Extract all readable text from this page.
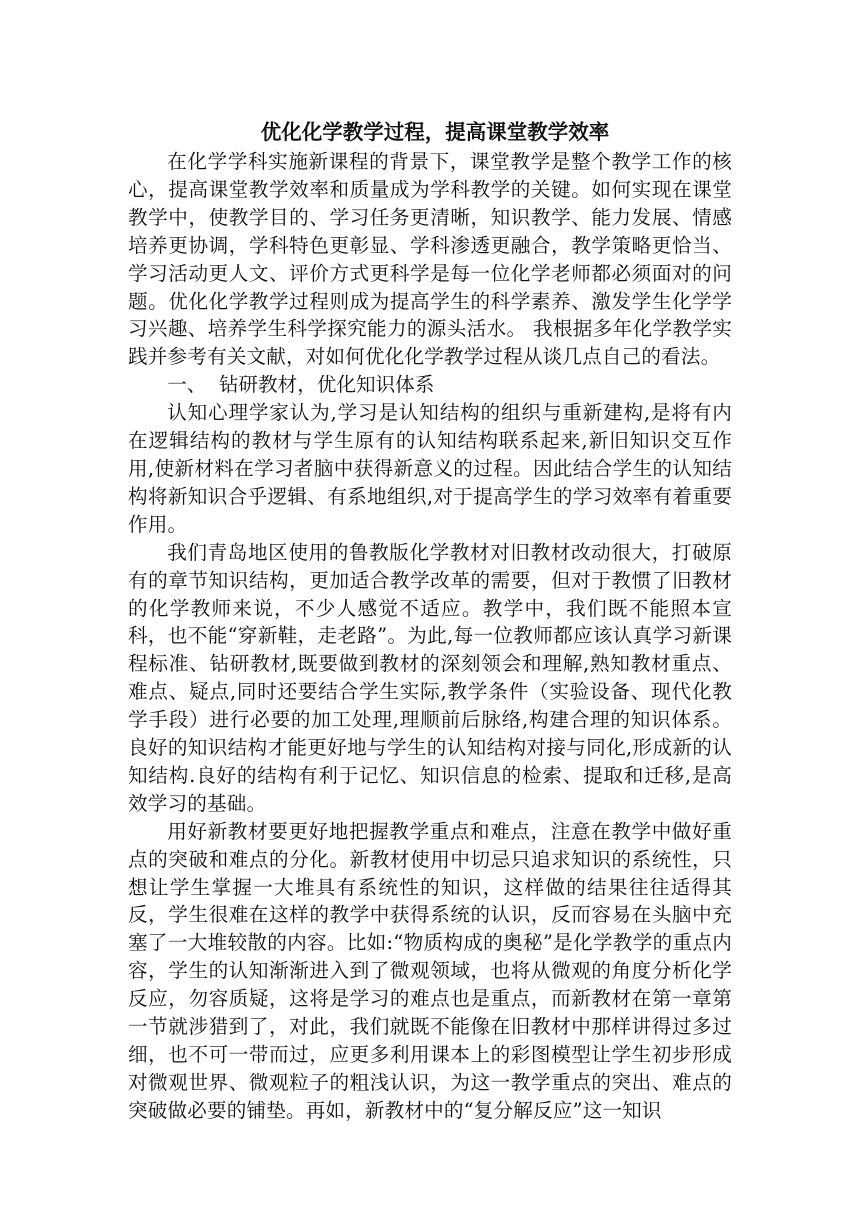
优化化学教学过程，提高课堂教学效率

在化学学科实施新课程的背景下，课堂教学是整个教学工作的核心，提高课堂教学效率和质量成为学科教学的关键。如何实现在课堂教学中，使教学目的、学习任务更清晰，知识教学、能力发展、情感培养更协调，学科特色更彰显、学科渗透更融合，教学策略更恰当、学习活动更人文、评价方式更科学是每一位化学老师都必须面对的问题。优化化学教学过程则成为提高学生的科学素养、激发学生化学学习兴趣、培养学生科学探究能力的源头活水。 我根据多年化学教学实践并参考有关文献，对如何优化化学教学过程从谈几点自己的看法。

一、  钻研教材，优化知识体系

认知心理学家认为,学习是认知结构的组织与重新建构,是将有内在逻辑结构的教材与学生原有的认知结构联系起来,新旧知识交互作用,使新材料在学习者脑中获得新意义的过程。因此结合学生的认知结构将新知识合乎逻辑、有系地组织,对于提高学生的学习效率有着重要作用。

我们青岛地区使用的鲁教版化学教材对旧教材改动很大，打破原有的章节知识结构，更加适合教学改革的需要，但对于教惯了旧教材的化学教师来说，不少人感觉不适应。教学中，我们既不能照本宣科，也不能“穿新鞋，走老路”。为此,每一位教师都应该认真学习新课程标准、钻研教材,既要做到教材的深刻领会和理解,熟知教材重点、难点、疑点,同时还要结合学生实际,教学条件（实验设备、现代化教学手段）进行必要的加工处理,理顺前后脉络,构建合理的知识体系。良好的知识结构才能更好地与学生的认知结构对接与同化,形成新的认知结构.良好的结构有利于记忆、知识信息的检索、提取和迁移,是高效学习的基础。

用好新教材要更好地把握教学重点和难点，注意在教学中做好重点的突破和难点的分化。新教材使用中切忌只追求知识的系统性，只想让学生掌握一大堆具有系统性的知识，这样做的结果往往适得其反，学生很难在这样的教学中获得系统的认识，反而容易在头脑中充塞了一大堆较散的内容。比如:“物质构成的奥秘”是化学教学的重点内容，学生的认知渐渐进入到了微观领域，也将从微观的角度分析化学反应，勿容质疑，这将是学习的难点也是重点，而新教材在第一章第一节就涉猎到了，对此，我们就既不能像在旧教材中那样讲得过多过细，也不可一带而过，应更多利用课本上的彩图模型让学生初步形成对微观世界、微观粒子的粗浅认识，为这一教学重点的突出、难点的突破做必要的铺垫。再如，新教材中的“复分解反应”这一知识
